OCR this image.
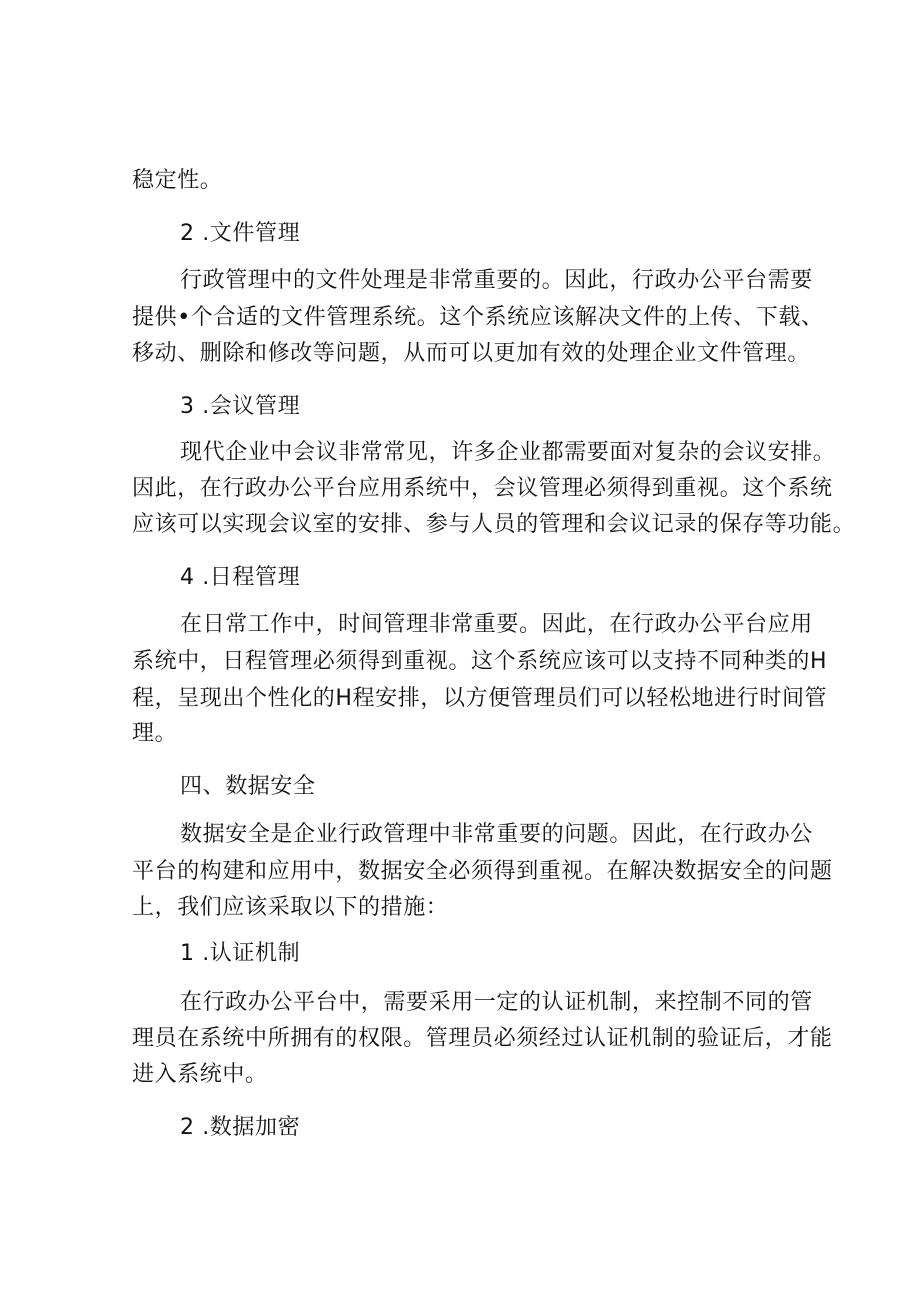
稳定性。
2 .文件管理
行政管理中的文件处理是非常重要的。因此，行政办公平台需要
提供•个合适的文件管理系统。这个系统应该解决文件的上传、下载、
移动、删除和修改等问题，从而可以更加有效的处理企业文件管理。
3 .会议管理
现代企业中会议非常常见，许多企业都需要面对复杂的会议安排。
因此，在行政办公平台应用系统中，会议管理必须得到重视。这个系统
应该可以实现会议室的安排、参与人员的管理和会议记录的保存等功能。
4 .日程管理
在日常工作中，时间管理非常重要。因此，在行政办公平台应用
系统中，日程管理必须得到重视。这个系统应该可以支持不同种类的H
程，呈现出个性化的H程安排，以方便管理员们可以轻松地进行时间管
理。
四、数据安全
数据安全是企业行政管理中非常重要的问题。因此，在行政办公
平台的构建和应用中，数据安全必须得到重视。在解决数据安全的问题
上，我们应该采取以下的措施：
1 .认证机制
在行政办公平台中，需要采用一定的认证机制，来控制不同的管
理员在系统中所拥有的权限。管理员必须经过认证机制的验证后，才能
进入系统中。
2 .数据加密
